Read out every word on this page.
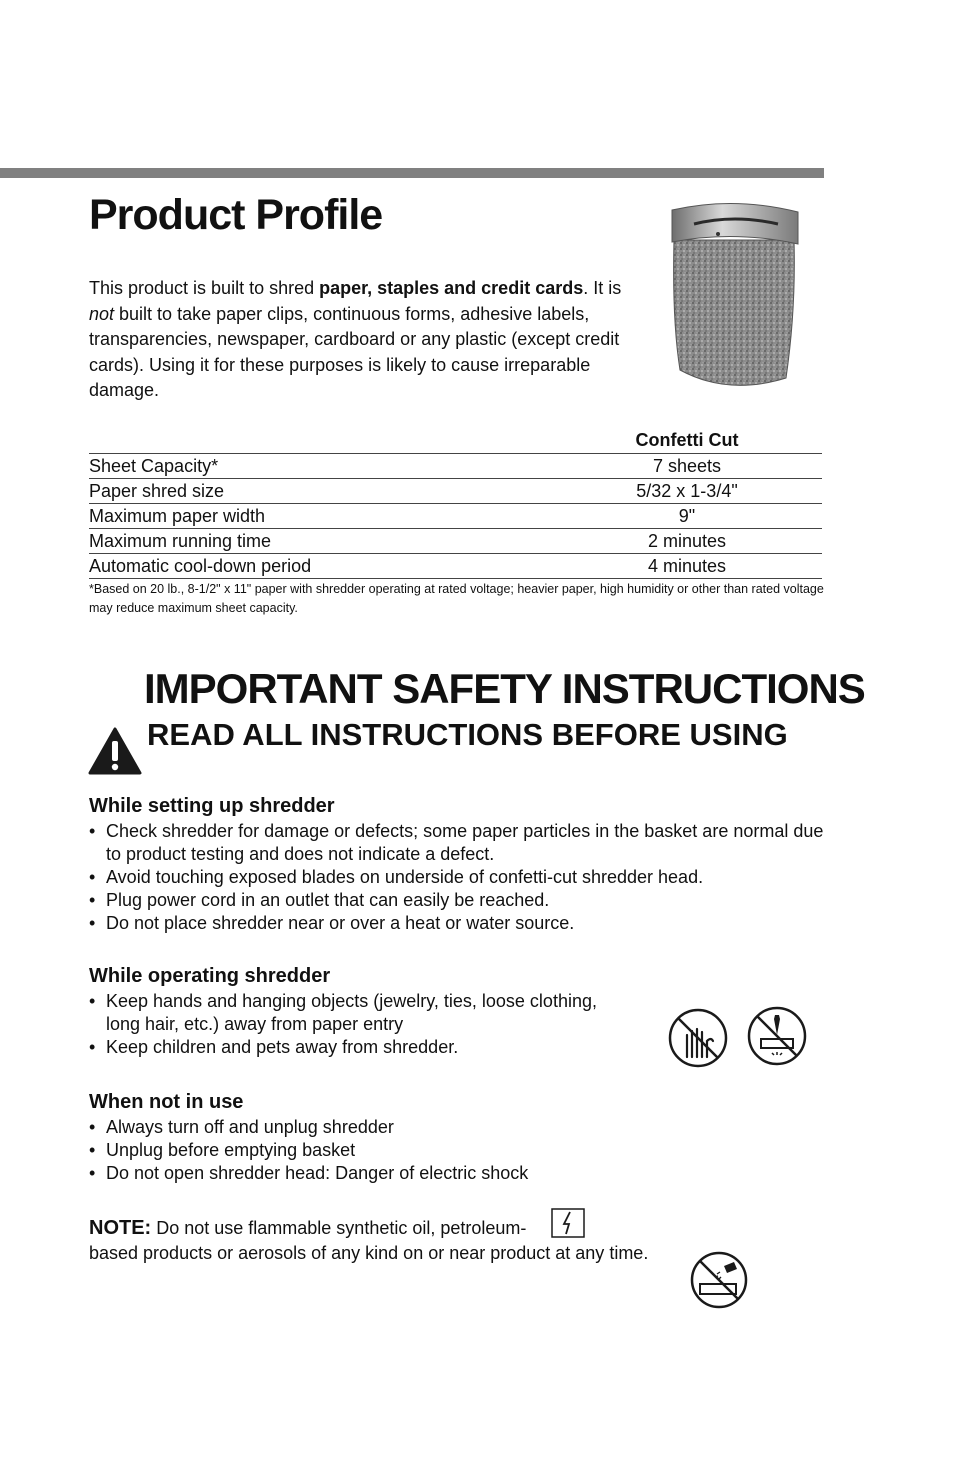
Product Profile

This product is built to shred paper, staples and credit cards. It is not built to take paper clips, continuous forms, adhesive labels, transparencies, newspaper, cardboard or any plastic (except credit cards). Using it for these purposes is likely to cause irreparable damage.

	Confetti Cut
Sheet Capacity*	7 sheets
Paper shred size	5/32 x 1-3/4"
Maximum paper width	9"
Maximum running time	2 minutes
Automatic cool-down period	4 minutes

*Based on 20 lb., 8-1/2" x 11" paper with shredder operating at rated voltage; heavier paper, high humidity or other than rated voltage may reduce maximum sheet capacity.

IMPORTANT SAFETY INSTRUCTIONS
READ ALL INSTRUCTIONS BEFORE USING
While setting up shredder
• Check shredder for damage or defects; some paper particles in the basket are normal due to product testing and does not indicate a defect.
• Avoid touching exposed blades on underside of confetti-cut shredder head.
• Plug power cord in an outlet that can easily be reached.
• Do not place shredder near or over a heat or water source.
While operating shredder
• Keep hands and hanging objects (jewelry, ties, loose clothing, long hair, etc.) away from paper entry
• Keep children and pets away from shredder.
When not in use
• Always turn off and unplug shredder
• Unplug before emptying basket
• Do not open shredder head: Danger of electric shock

NOTE: Do not use flammable synthetic oil, petroleum-
based products or aerosols of any kind on or near product at any time.
